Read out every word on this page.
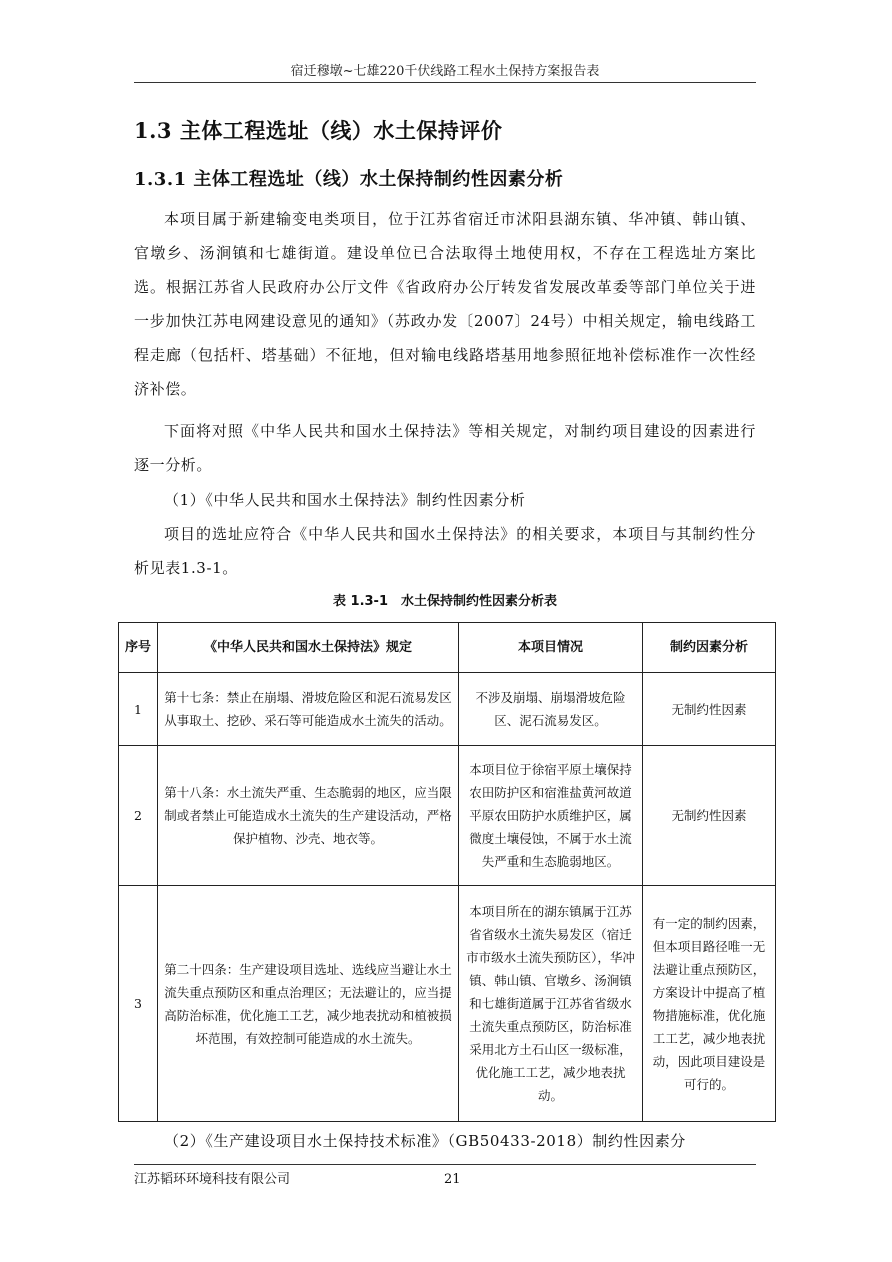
宿迁穆墩~七雄220千伏线路工程水土保持方案报告表
1.3 主体工程选址（线）水土保持评价
1.3.1 主体工程选址（线）水土保持制约性因素分析

本项目属于新建输变电类项目，位于江苏省宿迁市沭阳县湖东镇、华冲镇、韩山镇、官墩乡、汤涧镇和七雄街道。建设单位已合法取得土地使用权，不存在工程选址方案比选。根据江苏省人民政府办公厅文件《省政府办公厅转发省发展改革委等部门单位关于进一步加快江苏电网建设意见的通知》（苏政办发〔2007〕24号）中相关规定，输电线路工程走廊（包括杆、塔基础）不征地，但对输电线路塔基用地参照征地补偿标准作一次性经济补偿。

下面将对照《中华人民共和国水土保持法》等相关规定，对制约项目建设的因素进行逐一分析。

（1）《中华人民共和国水土保持法》制约性因素分析

项目的选址应符合《中华人民共和国水土保持法》的相关要求，本项目与其制约性分析见表1.3-1。

表 1.3-1　水土保持制约性因素分析表
序号	《中华人民共和国水土保持法》规定	本项目情况	制约因素分析
1	第十七条：禁止在崩塌、滑坡危险区和泥石流易发区从事取土、挖砂、采石等可能造成水土流失的活动。	不涉及崩塌、崩塌滑坡危险区、泥石流易发区。	无制约性因素
2	第十八条：水土流失严重、生态脆弱的地区，应当限制或者禁止可能造成水土流失的生产建设活动，严格保护植物、沙壳、地衣等。	本项目位于徐宿平原土壤保持农田防护区和宿淮盐黄河故道平原农田防护水质维护区，属微度土壤侵蚀，不属于水土流失严重和生态脆弱地区。	无制约性因素
3	第二十四条：生产建设项目选址、选线应当避让水土流失重点预防区和重点治理区；无法避让的，应当提高防治标准，优化施工工艺，减少地表扰动和植被损坏范围，有效控制可能造成的水土流失。	本项目所在的湖东镇属于江苏省省级水土流失易发区（宿迁市市级水土流失预防区），华冲镇、韩山镇、官墩乡、汤涧镇和七雄街道属于江苏省省级水土流失重点预防区，防治标准采用北方土石山区一级标准，优化施工工艺，减少地表扰动。	有一定的制约因素，但本项目路径唯一无法避让重点预防区，方案设计中提高了植物措施标准，优化施工工艺，减少地表扰动，因此项目建设是可行的。

（2）《生产建设项目水土保持技术标准》（GB50433-2018）制约性因素分

江苏韬环环境科技有限公司	21
